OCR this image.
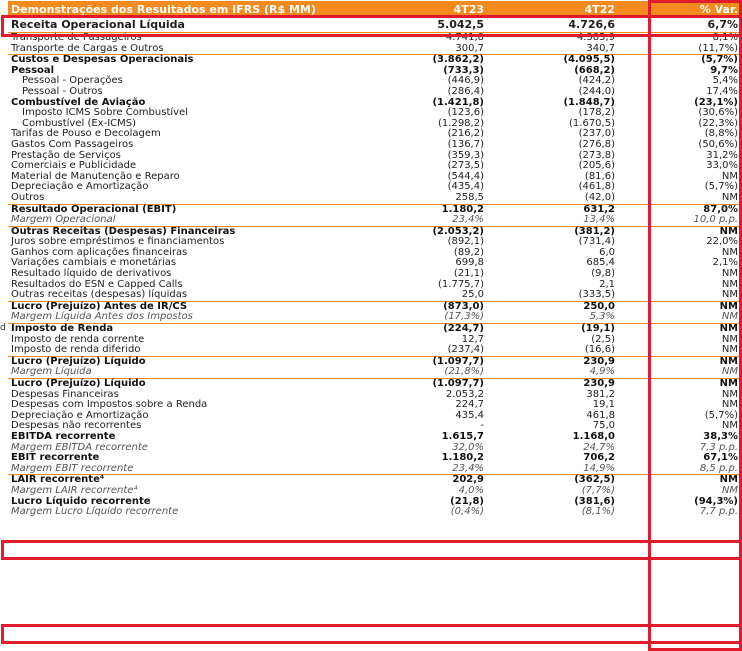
Demonstrações dos Resultados em IFRS (R$ MM)	4T23	4T22	% Var.
Receita Operacional Líquida	5.042,5	4.726,6	6,7%
Transporte de Passageiros	4.741,8	4.385,9	8,1%
Transporte de Cargas e Outros	300,7	340,7	(11,7%)
Custos e Despesas Operacionais	(3.862,2)	(4.095,5)	(5,7%)
Pessoal	(733,3)	(668,2)	9,7%
Pessoal - Operações	(446,9)	(424,2)	5,4%
Pessoal - Outros	(286,4)	(244,0)	17,4%
Combustível de Aviação	(1.421,8)	(1.848,7)	(23,1%)
Imposto ICMS Sobre Combustível	(123,6)	(178,2)	(30,6%)
Combustível (Ex-ICMS)	(1.298,2)	(1.670,5)	(22,3%)
Tarifas de Pouso e Decolagem	(216,2)	(237,0)	(8,8%)
Gastos Com Passageiros	(136,7)	(276,8)	(50,6%)
Prestação de Serviços	(359,3)	(273,8)	31,2%
Comerciais e Publicidade	(273,5)	(205,6)	33,0%
Material de Manutenção e Reparo	(544,4)	(81,6)	NM
Depreciação e Amortização	(435,4)	(461,8)	(5,7%)
Outros	258,5	(42,0)	NM
Resultado Operacional (EBIT)	1.180,2	631,2	87,0%
Margem Operacional	23,4%	13,4%	10,0 p.p.
Outras Receitas (Despesas) Financeiras	(2.053,2)	(381,2)	NM
Juros sobre empréstimos e financiamentos	(892,1)	(731,4)	22,0%
Ganhos com aplicações financeiras	(89,2)	6,0	NM
Variações cambiais e monetárias	699,8	685,4	2,1%
Resultado líquido de derivativos	(21,1)	(9,8)	NM
Resultados do ESN e Capped Calls	(1.775,7)	2,1	NM
Outras receitas (despesas) líquidas	25,0	(333,5)	NM
Lucro (Prejuízo) Antes de IR/CS	(873,0)	250,0	NM
Margem Líquida Antes dos Impostos	(17,3%)	5,3%	NM
Imposto de Renda	(224,7)	(19,1)	NM
Imposto de renda corrente	12,7	(2,5)	NM
Imposto de renda diferido	(237,4)	(16,6)	NM
Lucro (Prejuízo) Líquido	(1.097,7)	230,9	NM
Margem Líquida	(21,8%)	4,9%	NM
Lucro (Prejuízo) Líquido	(1.097,7)	230,9	NM
Despesas Financeiras	2.053,2	381,2	NM
Despesas com Impostos sobre a Renda	224,7	19,1	NM
Depreciação e Amortização	435,4	461,8	(5,7%)
Despesas não recorrentes	-	75,0	NM
EBITDA recorrente	1.615,7	1.168,0	38,3%
Margem EBITDA recorrente	32,0%	24,7%	7,3 p.p.
EBIT recorrente	1.180,2	706,2	67,1%
Margem EBIT recorrente	23,4%	14,9%	8,5 p.p.
LAIR recorrente⁴	202,9	(362,5)	NM
Margem LAIR recorrente⁴	4,0%	(7,7%)	NM
Lucro Líquido recorrente	(21,8)	(381,6)	(94,3%)
Margem Lucro Líquido recorrente	(0,4%)	(8,1%)	7,7 p.p.
d
